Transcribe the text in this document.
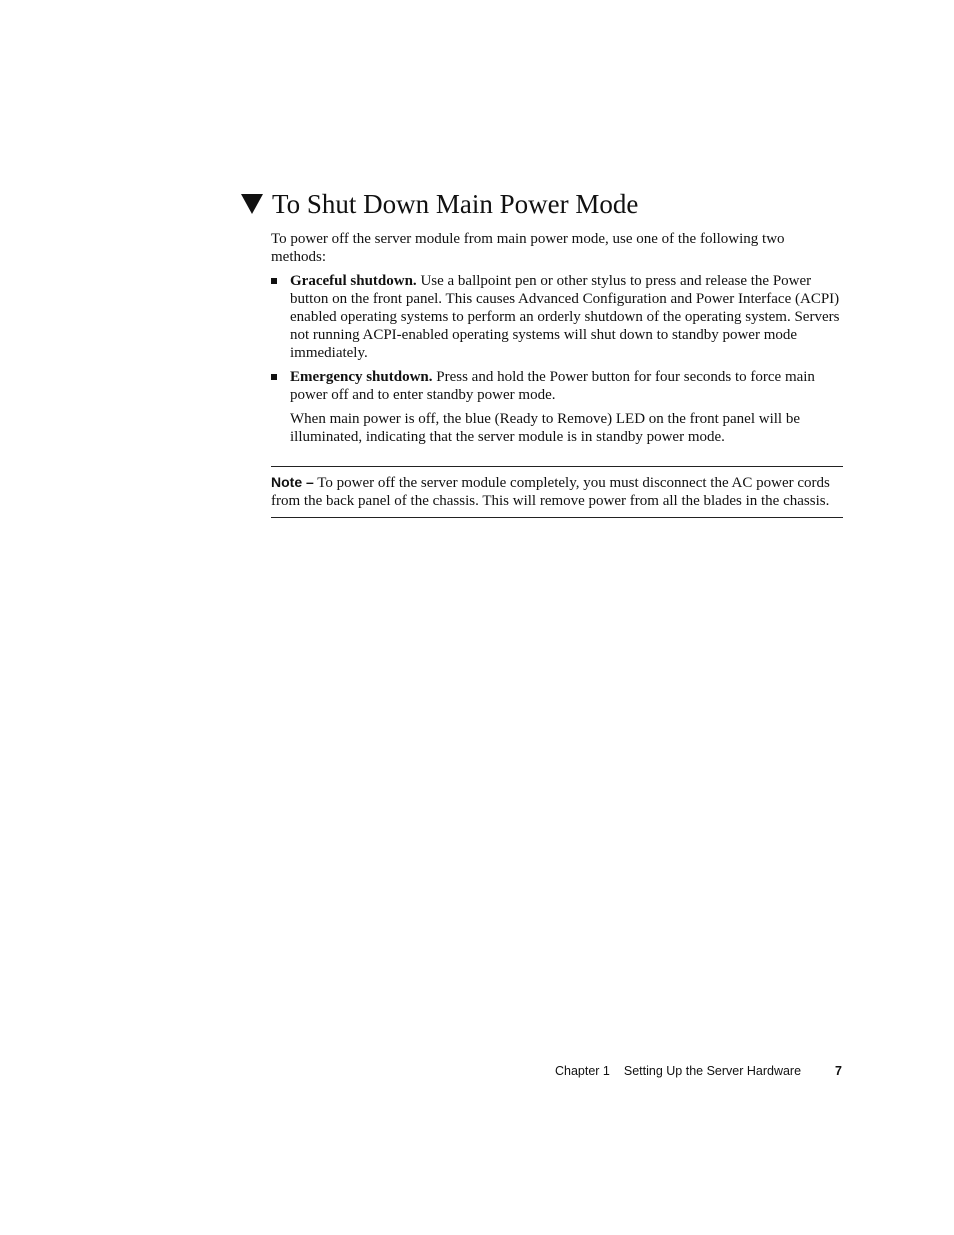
To Shut Down Main Power Mode

To power off the server module from main power mode, use one of the following two methods:

Graceful shutdown. Use a ballpoint pen or other stylus to press and release the Power button on the front panel. This causes Advanced Configuration and Power Interface (ACPI) enabled operating systems to perform an orderly shutdown of the operating system. Servers not running ACPI-enabled operating systems will shut down to standby power mode immediately.
Emergency shutdown. Press and hold the Power button for four seconds to force main power off and to enter standby power mode.

When main power is off, the blue (Ready to Remove) LED on the front panel will be illuminated, indicating that the server module is in standby power mode.

Note – To power off the server module completely, you must disconnect the AC power cords from the back panel of the chassis. This will remove power from all the blades in the chassis.
Chapter 1 Setting Up the Server Hardware	7
